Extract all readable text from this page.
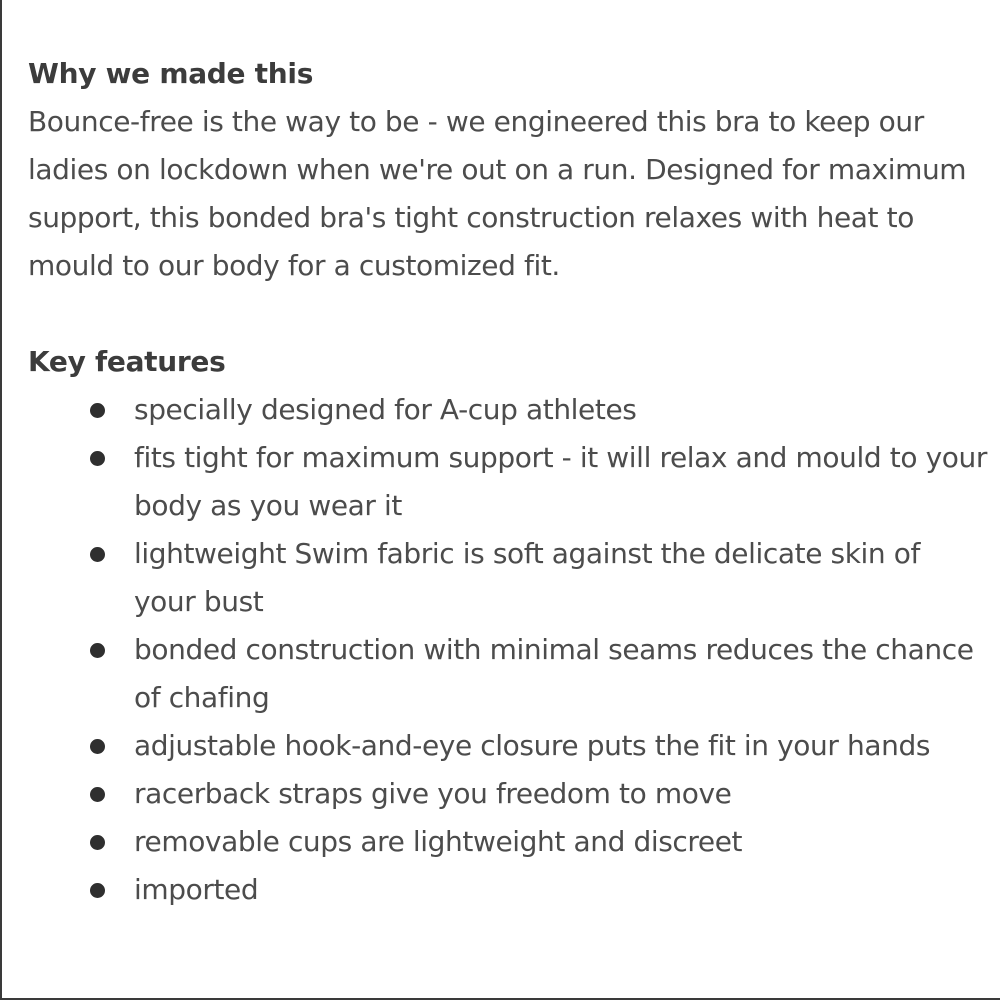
Why we made this

Bounce-free is the way to be - we engineered this bra to keep our ladies on lockdown when we're out on a run. Designed for maximum support, this bonded bra's tight construction relaxes with heat to mould to our body for a customized fit.

Key features
specially designed for A-cup athletes
fits tight for maximum support - it will relax and mould to your body as you wear it
lightweight Swim fabric is soft against the delicate skin of your bust
bonded construction with minimal seams reduces the chance of chafing
adjustable hook-and-eye closure puts the fit in your hands
racerback straps give you freedom to move
removable cups are lightweight and discreet
imported
